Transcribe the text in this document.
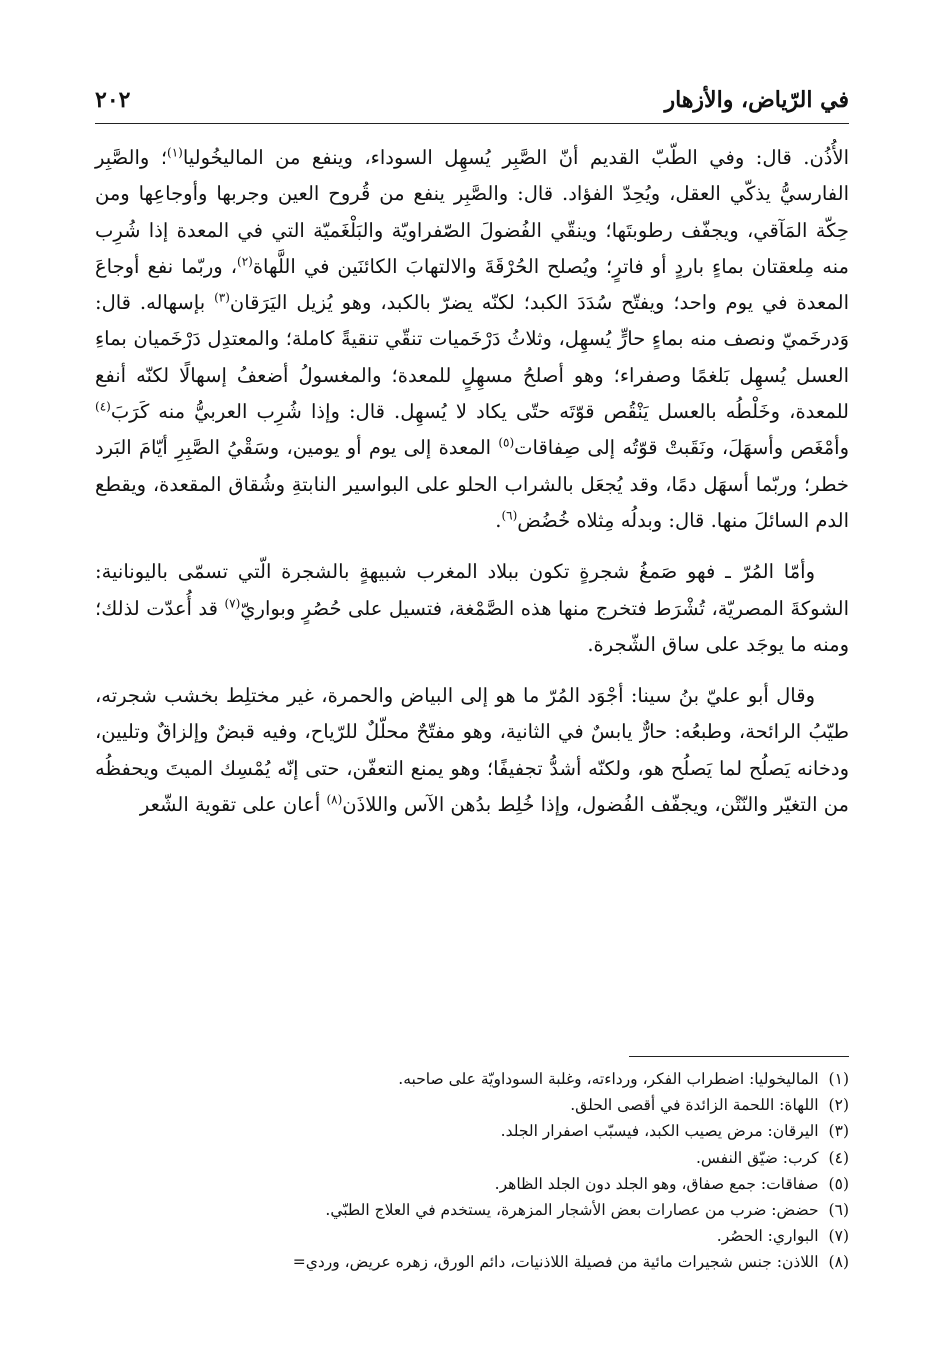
في الرّياض، والأزهار
٢٠٢

الأُذُن. قال: وفي الطّبّ القديم أنّ الصَّبِر يُسهِل السوداء، وينفع من الماليخُوليا$^{(١)}$؛ والصَّبِر الفارسيُّ يذكّي العقل، ويُحِدّ الفؤاد. قال: والصَّبِر ينفع من قُروح العين وجربها وأوجاعِها ومن حِكّة المَآقي، ويجفّف رطوبتَها؛ وينقّي الفُضولَ الصّفراويّة والبَلْغَميّة التي في المعدة إذا شُرِب منه مِلعقتان بماءٍ باردٍ أو فاترٍ؛ ويُصلح الحُرْقَةَ والالتهابَ الكائنَين في اللَّهاة$^{(٢)}$، وربّما نفع أوجاعَ المعدة في يوم واحد؛ ويفتّح سُدَدَ الكبد؛ لكنّه يضرّ بالكبد، وهو يُزيل اليَرَقان$^{(٣)}$ بإسهاله. قال: وَدرخَميّ ونصف منه بماءٍ حارٍّ يُسهِل، وثلاثُ دَرْخَميات تنقّي تنقيةً كاملة؛ والمعتدِل دَرْخَميان بماءِ العسل يُسهِل بَلغمًا وصفراء؛ وهو أصلحُ مسهِلٍ للمعدة؛ والمغسولُ أضعفُ إسهالًا لكنّه أنفع للمعدة، وخَلْطُه بالعسل يَنْقُص قوّتَه حتّى يكاد لا يُسهِل. قال: وإذا شُرِب العربيُّ منه كَرَبَ$^{(٤)}$ وأمْغَص وأسهَلَ، ونَقَبتْ قوّتُه إلى صِفاقات$^{(٥)}$ المعدة إلى يوم أو يومين، وسَقْيُ الصَّبِرِ أيّامَ البَرد خطر؛ وربّما أسهَل دمًا، وقد يُجعَل بالشراب الحلو على البواسير النابتةِ وشُقاق المقعدة، ويقطع الدم السائلَ منها. قال: وبدلُه مِثلاه خُضُض$^{(٦)}$.

وأمّا المُرّ ـ فهو صَمغُ شجرةٍ تكون ببلاد المغرب شبيهةٍ بالشجرة الّتي تسمّى باليونانية: الشوكةَ المصريّة، تُشْرَط فتخرج منها هذه الصَّمْغة، فتسيل على حُصُرٍ وبواريّ$^{(٧)}$ قد أُعدّت لذلك؛ ومنه ما يوجَد على ساق الشّجرة.

وقال أبو عليّ بنُ سينا: أجْوَد المُرّ ما هو إلى البياض والحمرة، غير مختلِط بخشب شجرته، طيّبُ الرائحة، وطبعُه: حارٌّ يابسٌ في الثانية، وهو مفتّحٌ محلّلٌ للرّياح، وفيه قبضٌ وإلزاقٌ وتليين، ودخانه يَصلُح لما يَصلُح هو، ولكنّه أشدُّ تجفيفًا؛ وهو يمنع التعفّن، حتى إنّه يُمْسِك الميتَ ويحفظُه من التغيّر والنّتْن، ويجفّف الفُضول، وإذا خُلِط بدُهن الآس واللاذَن$^{(٨)}$ أعان على تقوية الشّعر

(١)الماليخوليا: اضطراب الفكر، ورداءته، وغلبة السوداويّة على صاحبه.
(٢)اللهاة: اللحمة الزائدة في أقصى الحلق.
(٣)اليرقان: مرض يصيب الكبد، فيسبّب اصفرار الجلد.
(٤)كرب: ضيّق النفس.
(٥)صفاقات: جمع صفاق، وهو الجلد دون الجلد الظاهر.
(٦)حضض: ضرب من عصارات بعض الأشجار المزهرة، يستخدم في العلاج الطبّي.
(٧)البواري: الحصُر.
(٨)اللاذن: جنس شجيرات مائية من فصيلة اللاذنيات، دائم الورق، زهره عريض، وردي=
